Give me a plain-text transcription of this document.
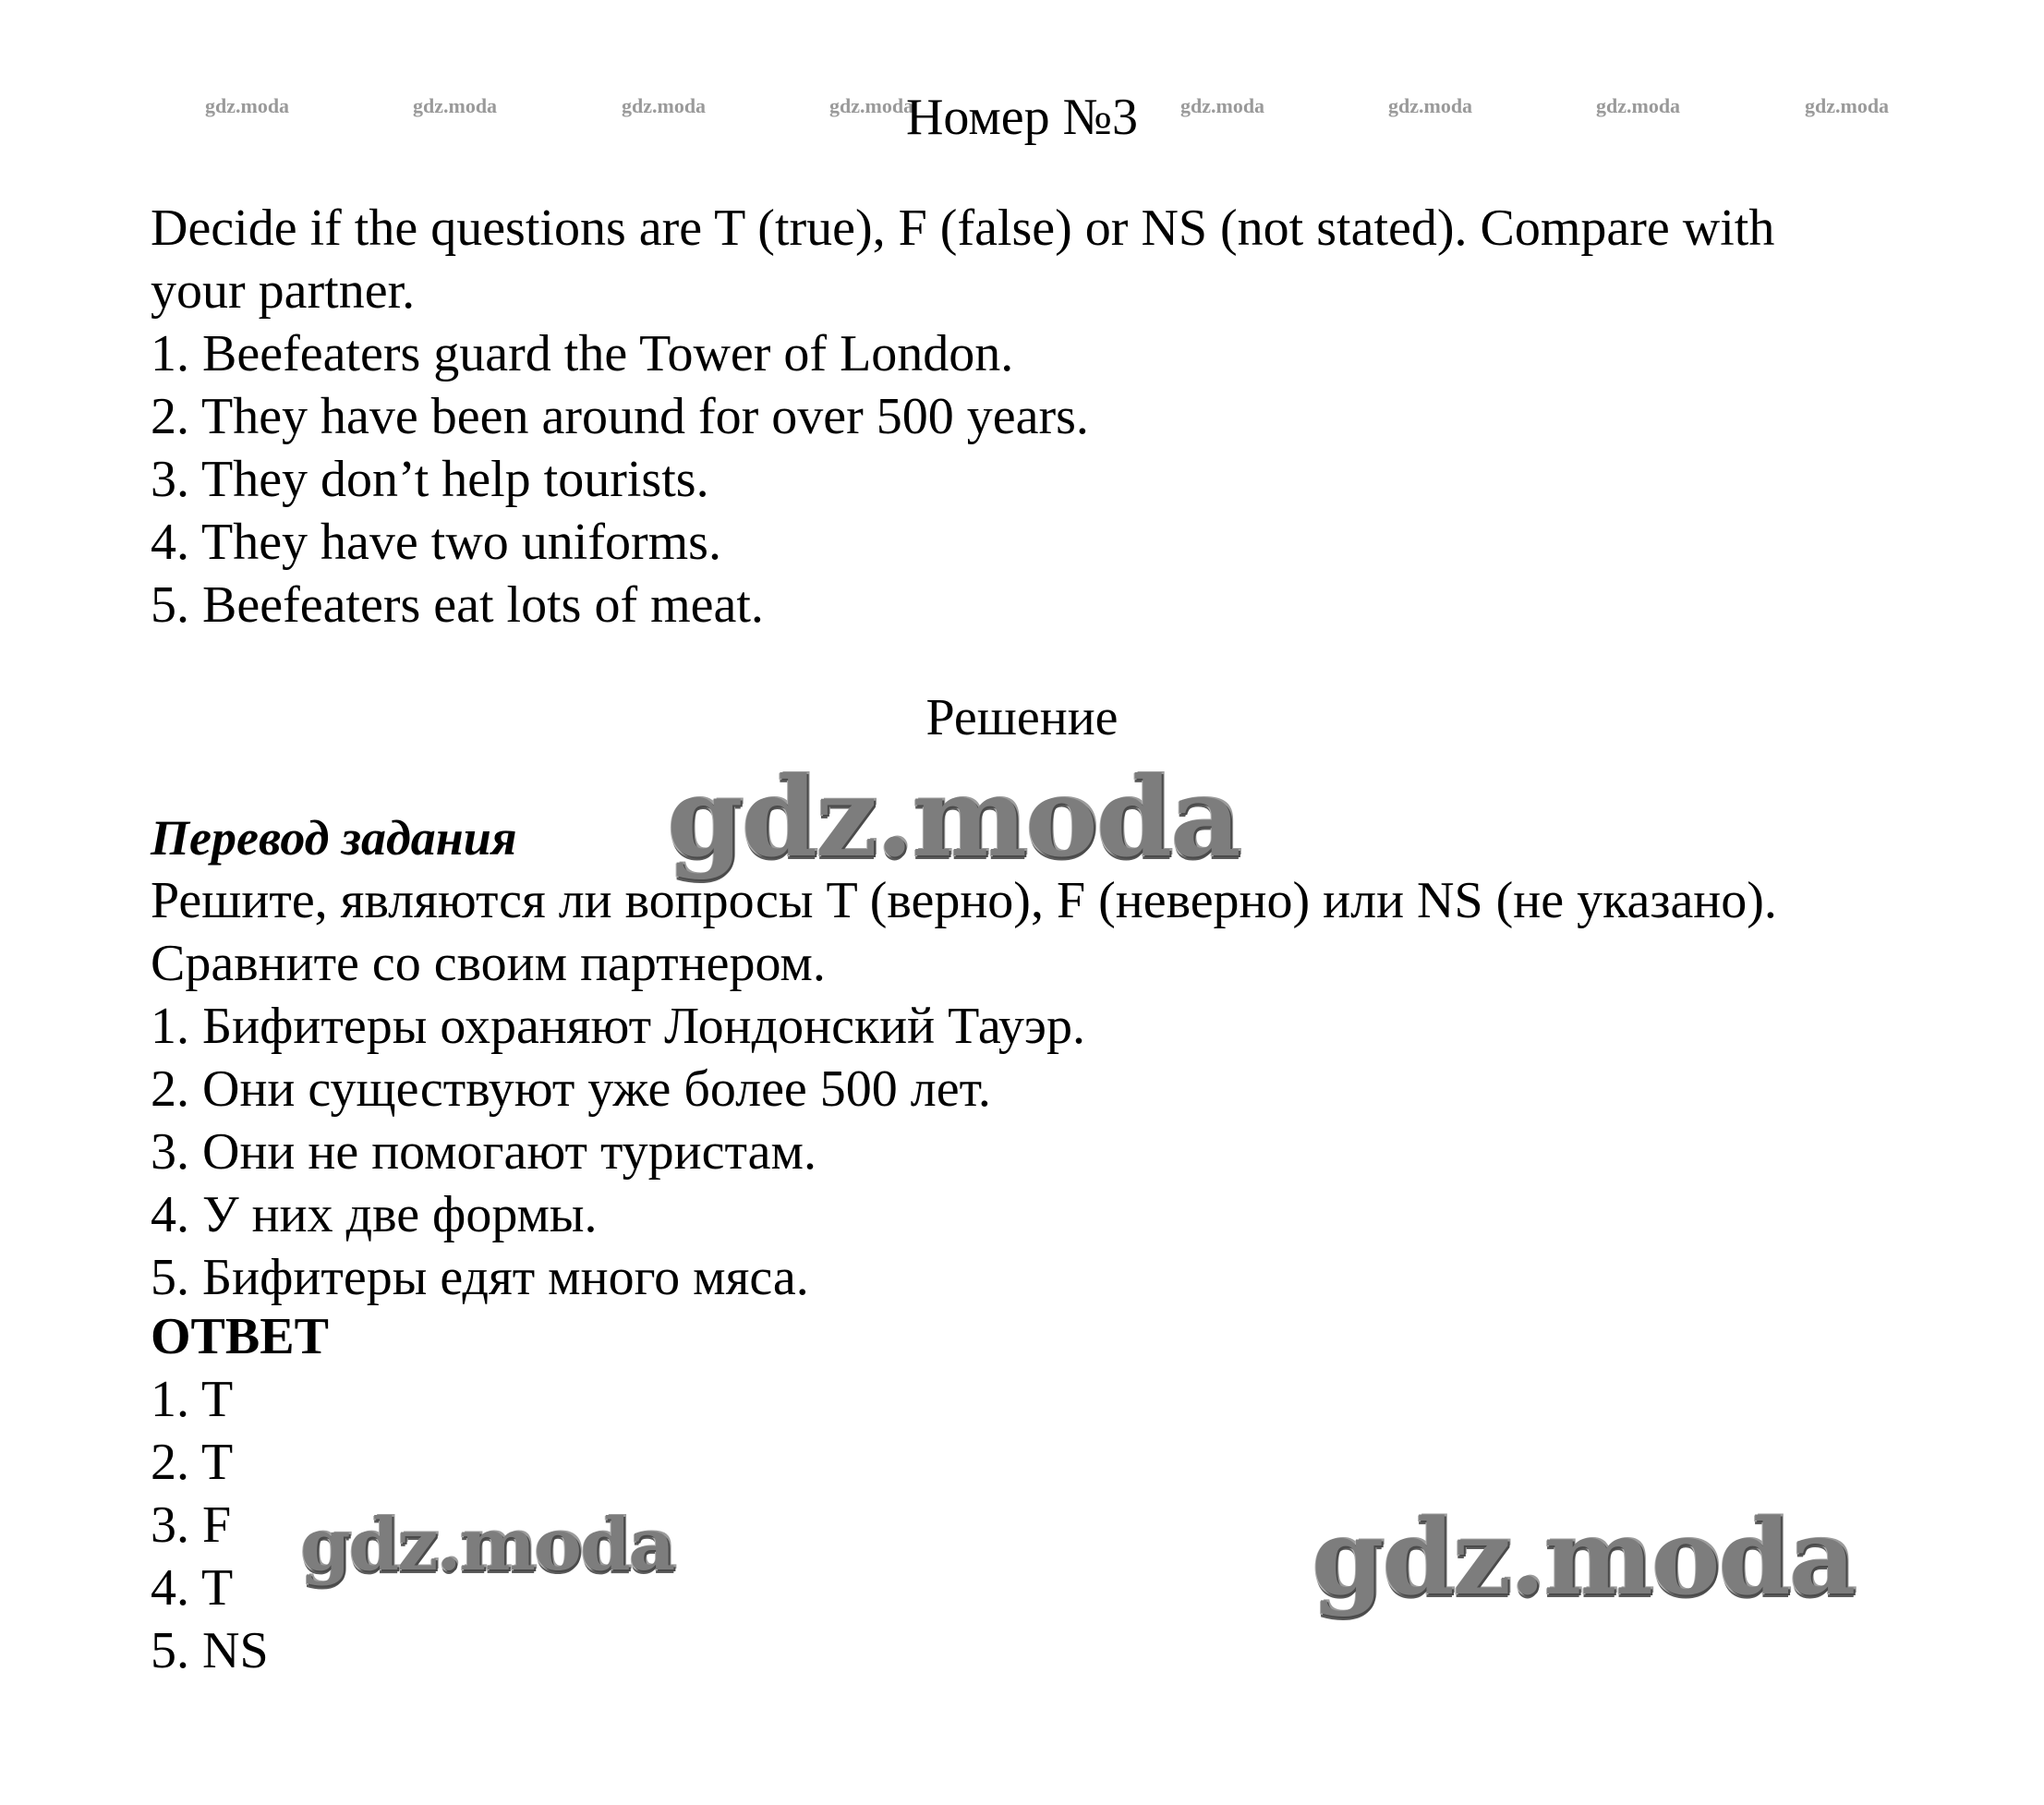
gdz.moda	gdz.moda	gdz.moda	gdz.moda	gdz.moda	gdz.moda	gdz.moda	gdz.moda
Номер №3
Decide if the questions are T (true), F (false) or NS (not stated). Compare with
your partner.
1. Beefeaters guard the Tower of London.
2. They have been around for over 500 years.
3. They don’t help tourists.
4. They have two uniforms.
5. Beefeaters eat lots of meat.
Решение
Перевод задания gdz.moda
Решите, являются ли вопросы T (верно), F (неверно) или NS (не указано).
Сравните со своим партнером.
1. Бифитеры охраняют Лондонский Тауэр.
2. Они существуют уже более 500 лет.
3. Они не помогают туристам.
4. У них две формы.
5. Бифитеры едят много мяса.
ОТВЕТ
1. T
2. T
3. F
4. T
5. NS
gdz.moda	gdz.moda
